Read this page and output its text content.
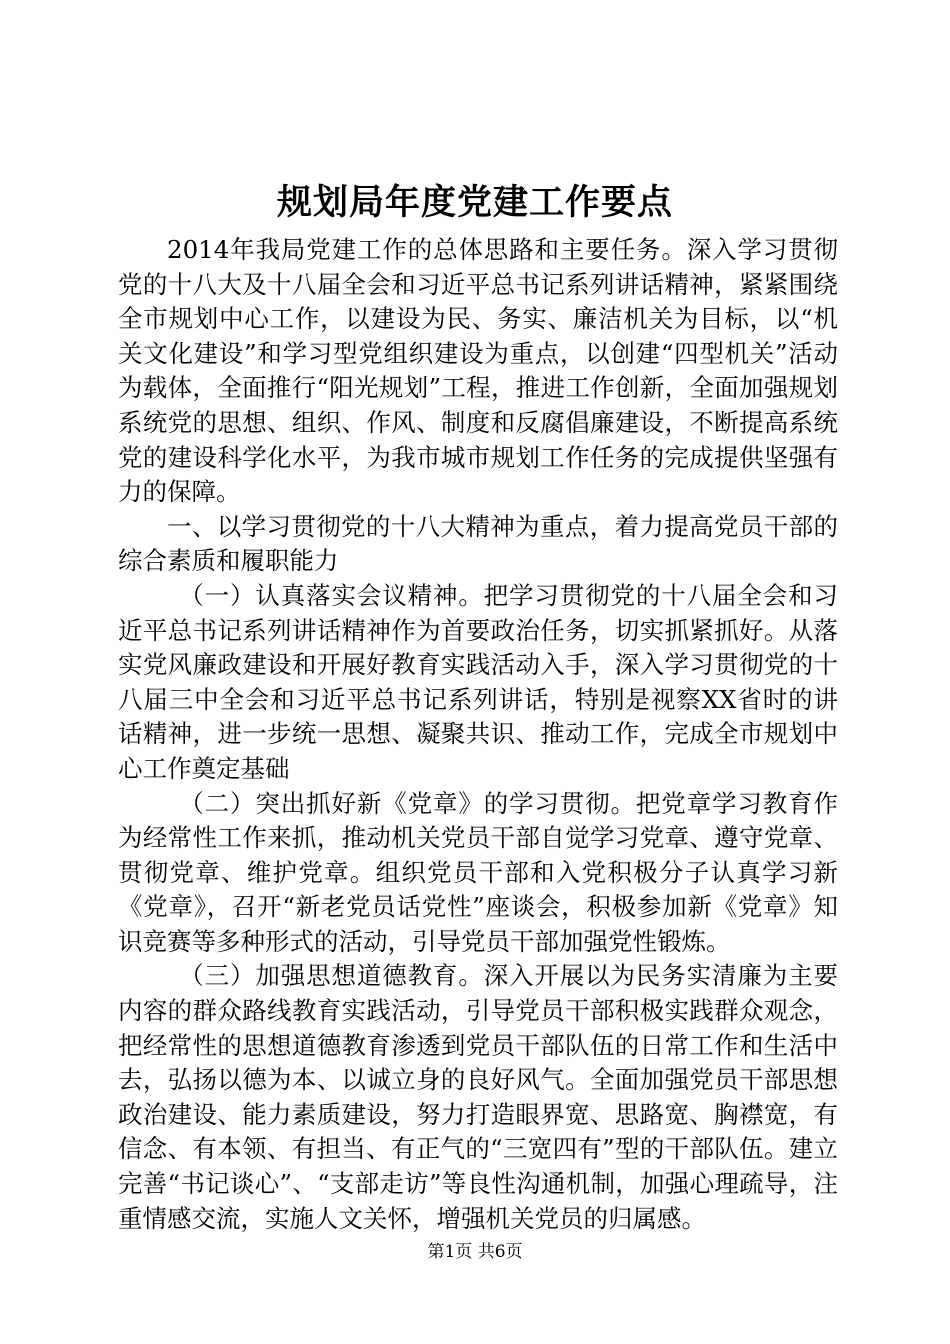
规划局年度党建工作要点

2014年我局党建工作的总体思路和主要任务。深入学习贯彻党的十八大及十八届全会和习近平总书记系列讲话精神，紧紧围绕全市规划中心工作，以建设为民、务实、廉洁机关为目标，以“机关文化建设”和学习型党组织建设为重点，以创建“四型机关”活动为载体，全面推行“阳光规划”工程，推进工作创新，全面加强规划系统党的思想、组织、作风、制度和反腐倡廉建设，不断提高系统党的建设科学化水平，为我市城市规划工作任务的完成提供坚强有力的保障。

一、以学习贯彻党的十八大精神为重点，着力提高党员干部的综合素质和履职能力

（一）认真落实会议精神。把学习贯彻党的十八届全会和习近平总书记系列讲话精神作为首要政治任务，切实抓紧抓好。从落实党风廉政建设和开展好教育实践活动入手，深入学习贯彻党的十八届三中全会和习近平总书记系列讲话，特别是视察XX省时的讲话精神，进一步统一思想、凝聚共识、推动工作，完成全市规划中心工作奠定基础

（二）突出抓好新《党章》的学习贯彻。把党章学习教育作为经常性工作来抓，推动机关党员干部自觉学习党章、遵守党章、贯彻党章、维护党章。组织党员干部和入党积极分子认真学习新《党章》，召开“新老党员话党性”座谈会，积极参加新《党章》知识竞赛等多种形式的活动，引导党员干部加强党性锻炼。

（三）加强思想道德教育。深入开展以为民务实清廉为主要内容的群众路线教育实践活动，引导党员干部积极实践群众观念，把经常性的思想道德教育渗透到党员干部队伍的日常工作和生活中去，弘扬以德为本、以诚立身的良好风气。全面加强党员干部思想政治建设、能力素质建设，努力打造眼界宽、思路宽、胸襟宽，有信念、有本领、有担当、有正气的“三宽四有”型的干部队伍。建立完善“书记谈心”、“支部走访”等良性沟通机制，加强心理疏导，注重情感交流，实施人文关怀，增强机关党员的归属感。

第1页 共6页
